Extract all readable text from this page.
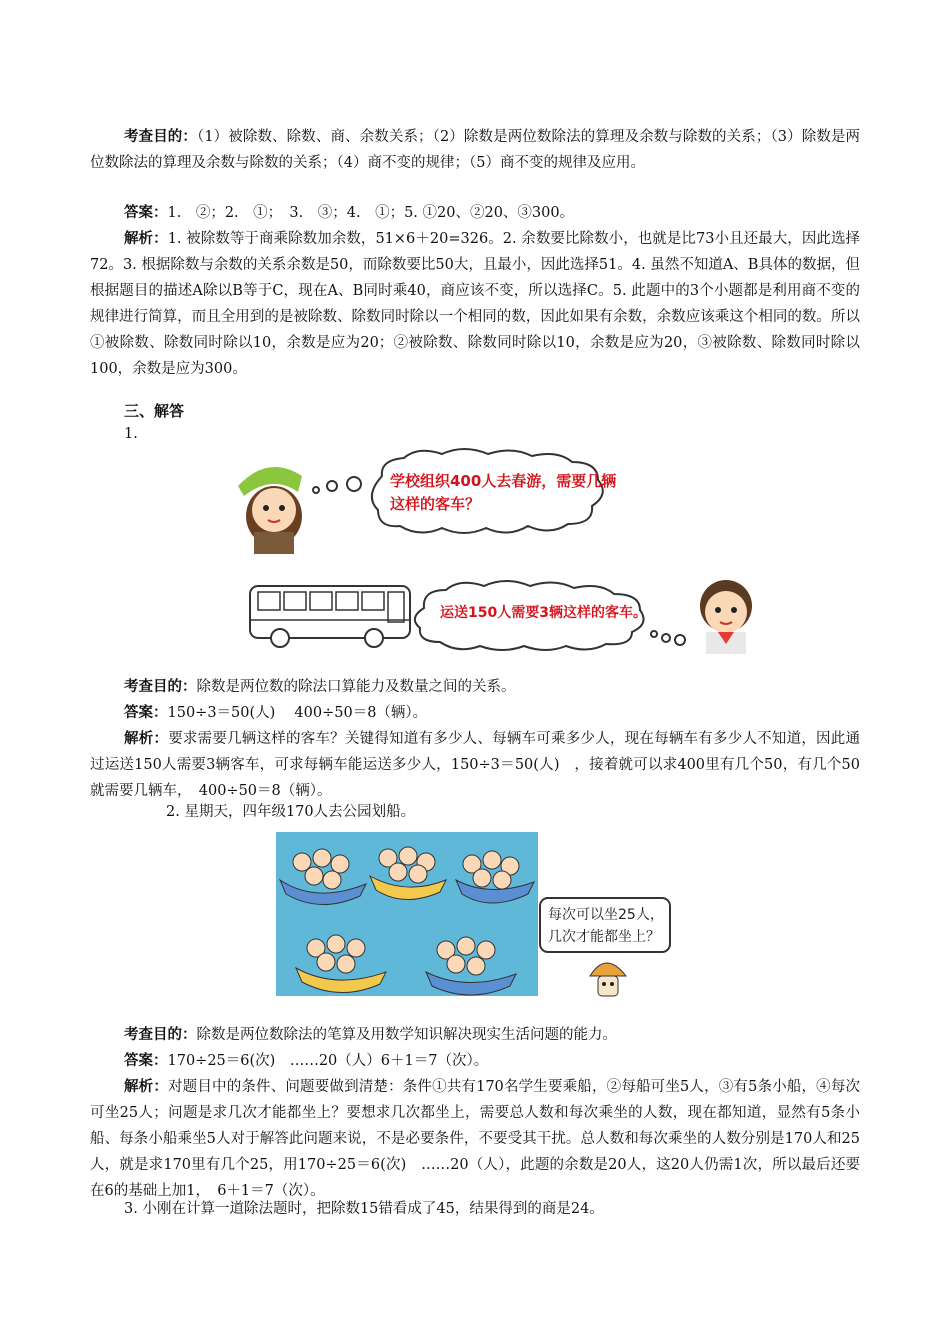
考查目的：（1）被除数、除数、商、余数关系；（2）除数是两位数除法的算理及余数与除数的关系；（3）除数是两位数除法的算理及余数与除数的关系；（4）商不变的规律；（5）商不变的规律及应用。

答案：1.　②；2.　①；　3.　③；4.　①；5. ①20、②20、③300。

解析：1. 被除数等于商乘除数加余数，51×6＋20=326。2. 余数要比除数小，也就是比73小且还最大，因此选择72。3. 根据除数与余数的关系余数是50，而除数要比50大，且最小，因此选择51。4. 虽然不知道A、B具体的数据，但根据题目的描述A除以B等于C，现在A、B同时乘40，商应该不变，所以选择C。5. 此题中的3个小题都是利用商不变的规律进行简算，而且全用到的是被除数、除数同时除以一个相同的数，因此如果有余数，余数应该乘这个相同的数。所以①被除数、除数同时除以10，余数是应为20；②被除数、除数同时除以10，余数是应为20，③被除数、除数同时除以100，余数是应为300。

三、解答

1.

学校组织400人去春游，需要几辆
这样的客车？
运送150人需要3辆这样的客车。

考查目的：除数是两位数的除法口算能力及数量之间的关系。

答案：150÷3＝50(人)　 400÷50＝8（辆）。

解析：要求需要几辆这样的客车？关键得知道有多少人、每辆车可乘多少人，现在每辆车有多少人不知道，因此通过运送150人需要3辆客车，可求每辆车能运送多少人，150÷3＝50(人)　，接着就可以求400里有几个50，有几个50就需要几辆车，　400÷50＝8（辆）。

2. 星期天，四年级170人去公园划船。

每次可以坐25人，
几次才能都坐上？

考查目的：除数是两位数除法的笔算及用数学知识解决现实生活问题的能力。

答案：170÷25＝6(次)　……20（人）6＋1＝7（次）。

解析：对题目中的条件、问题要做到清楚：条件①共有170名学生要乘船，②每船可坐5人，③有5条小船，④每次可坐25人；问题是求几次才能都坐上？要想求几次都坐上，需要总人数和每次乘坐的人数，现在都知道，显然有5条小船、每条小船乘坐5人对于解答此问题来说，不是必要条件，不要受其干扰。总人数和每次乘坐的人数分别是170人和25人，就是求170里有几个25，用170÷25＝6(次)　……20（人），此题的余数是20人，这20人仍需1次，所以最后还要在6的基础上加1，　6＋1＝7（次）。

3. 小刚在计算一道除法题时，把除数15错看成了45，结果得到的商是24。
